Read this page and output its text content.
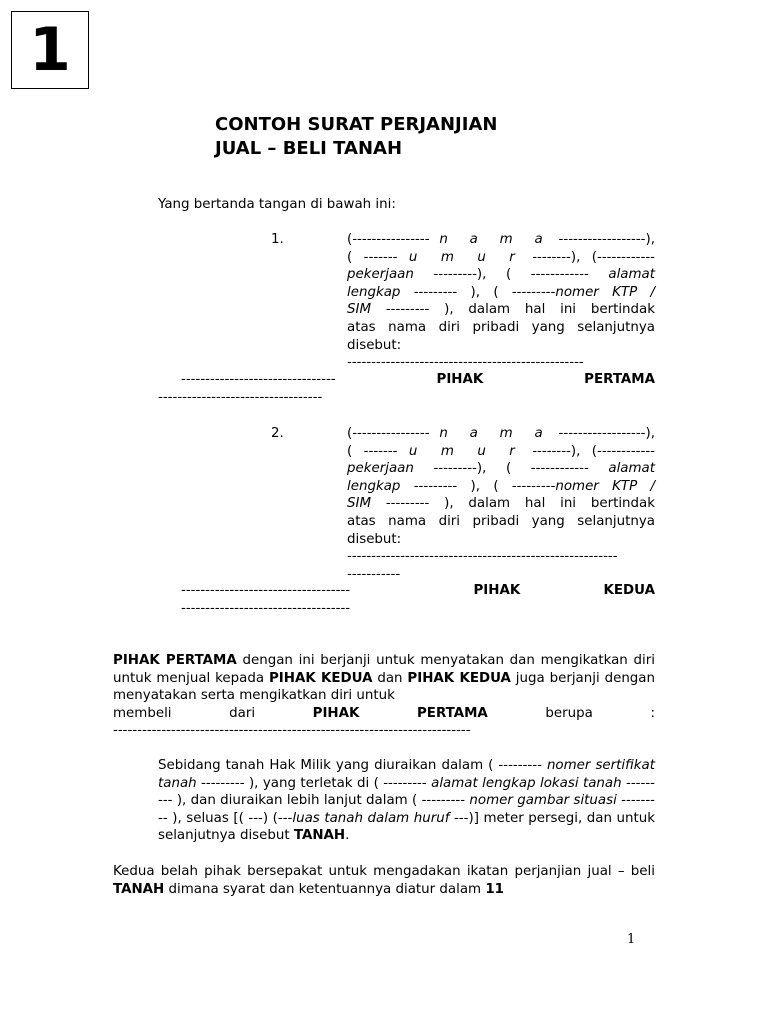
1
CONTOH SURAT PERJANJIAN
JUAL – BELI TANAH
Yang bertanda tangan di bawah ini:
1.	(---------------- n a m a ------------------),
( ------- u m u r --------), (------------
pekerjaan ---------), ( ------------ alamat
lengkap --------- ), ( ---------nomer KTP /
SIM --------- ), dalam hal ini bertindak
atas nama diri pribadi yang selanjutnya
disebut:
-------------------------------------------------
--------------------------------	PIHAK	PERTAMA
----------------------------------
2.	(---------------- n a m a ------------------),
( ------- u m u r --------), (------------
pekerjaan ---------), ( ------------ alamat
lengkap --------- ), ( ---------nomer KTP /
SIM --------- ), dalam hal ini bertindak
atas nama diri pribadi yang selanjutnya
disebut:
--------------------------------------------------------
-----------
-----------------------------------	PIHAK	KEDUA
-----------------------------------
PIHAK PERTAMA dengan ini berjanji untuk menyatakan dan mengikatkan diri untuk menjual kepada PIHAK KEDUA dan PIHAK KEDUA juga berjanji dengan menyatakan serta mengikatkan diri untuk
membeli	dari	PIHAK	PERTAMA	berupa	:
--------------------------------------------------------------------------
Sebidang tanah Hak Milik yang diuraikan dalam ( --------- nomer sertifikat tanah --------- ), yang terletak di ( --------- alamat lengkap lokasi tanah --------- ), dan diuraikan lebih lanjut dalam ( --------- nomer gambar situasi --------- ), seluas [( ---) (---luas tanah dalam huruf ---)] meter persegi, dan untuk selanjutnya disebut TANAH.
Kedua belah pihak bersepakat untuk mengadakan ikatan perjanjian jual – beli TANAH dimana syarat dan ketentuannya diatur dalam 11
1
